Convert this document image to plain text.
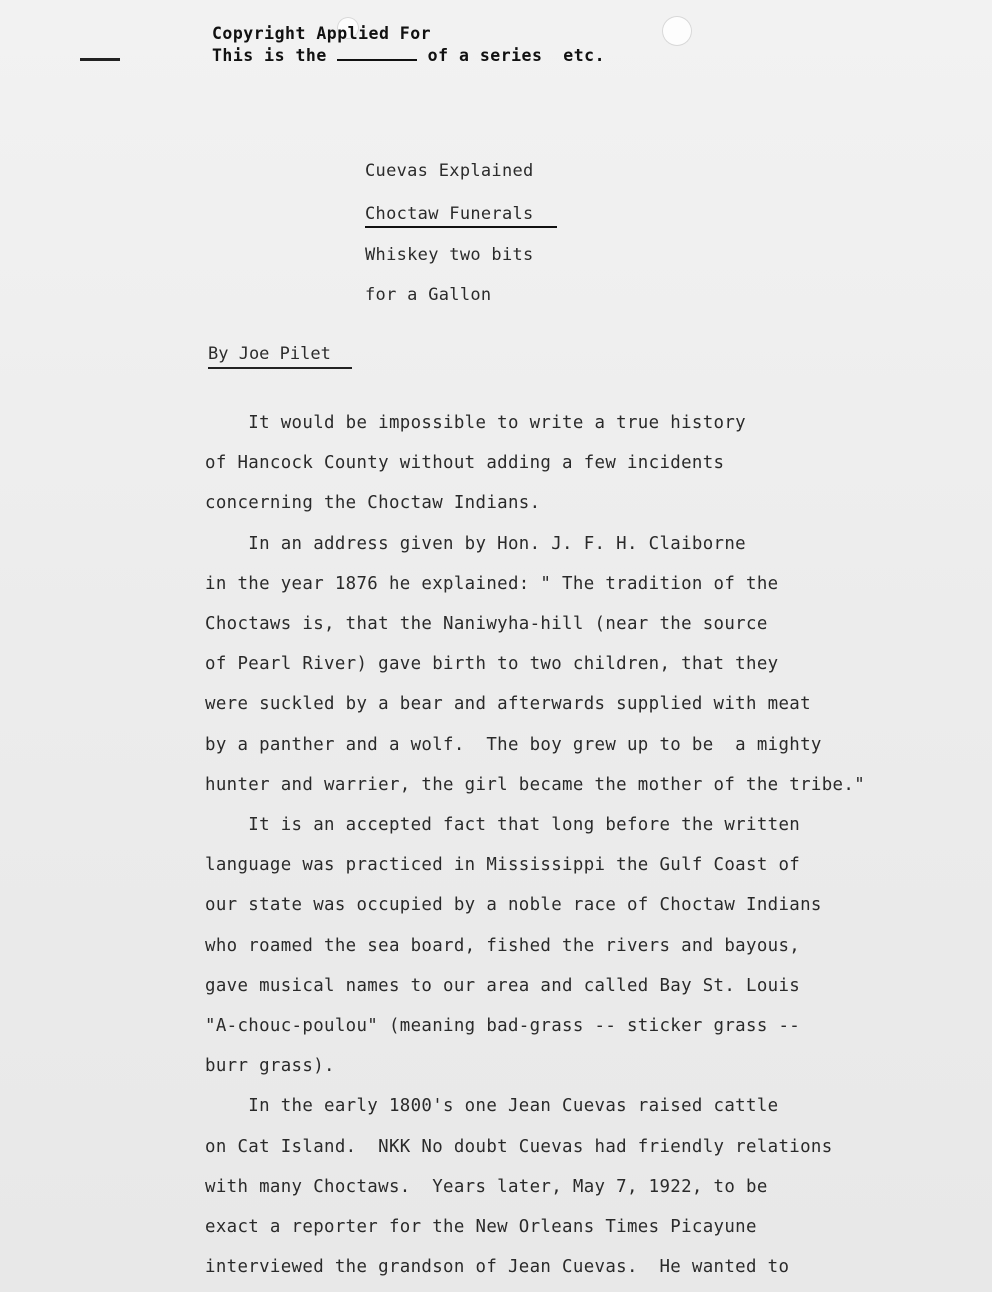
Copyright Applied For
This is the	of a series  etc.
Cuevas Explained
Choctaw Funerals
Whiskey two bits
for a Gallon
By Joe Pilet
It would be impossible to write a true history
of Hancock County without adding a few incidents
concerning the Choctaw Indians.
In an address given by Hon. J. F. H. Claiborne
in the year 1876 he explained: " The tradition of the
Choctaws is, that the Naniwyha-hill (near the source
of Pearl River) gave birth to two children, that they
were suckled by a bear and afterwards supplied with meat
by a panther and a wolf.  The boy grew up to be  a mighty
hunter and warrier, the girl became the mother of the tribe."
It is an accepted fact that long before the written
language was practiced in Mississippi the Gulf Coast of
our state was occupied by a noble race of Choctaw Indians
who roamed the sea board, fished the rivers and bayous,
gave musical names to our area and called Bay St. Louis
"A-chouc-poulou" (meaning bad-grass -- sticker grass --
burr grass).
In the early 1800's one Jean Cuevas raised cattle
on Cat Island.  NKK No doubt Cuevas had friendly relations
with many Choctaws.  Years later, May 7, 1922, to be
exact a reporter for the New Orleans Times Picayune
interviewed the grandson of Jean Cuevas.  He wanted to
